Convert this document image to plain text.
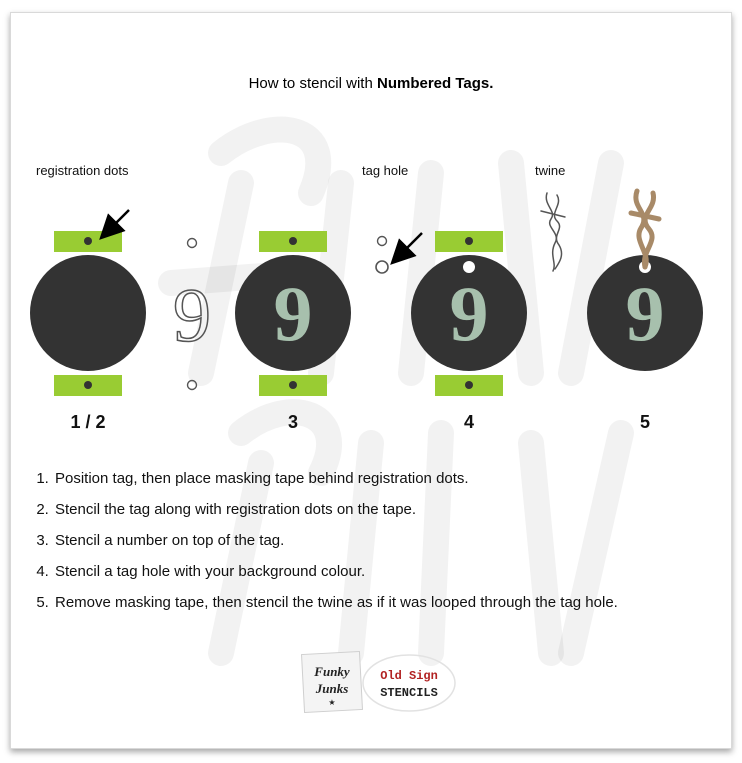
Funky Junk
How to stencil with Numbered Tags.
registration dots	tag hole	twine
9 9 9 9
1 / 2	3	4	5
1. Position tag, then place masking tape behind registration dots.
2. Stencil the tag along with registration dots on the tape.
3. Stencil a number on top of the tag.
4. Stencil a tag hole with your background colour.
5. Remove masking tape, then stencil the twine as if it was looped through the tag hole.
Funky
Junks
★
Old Sign
STENCILS
